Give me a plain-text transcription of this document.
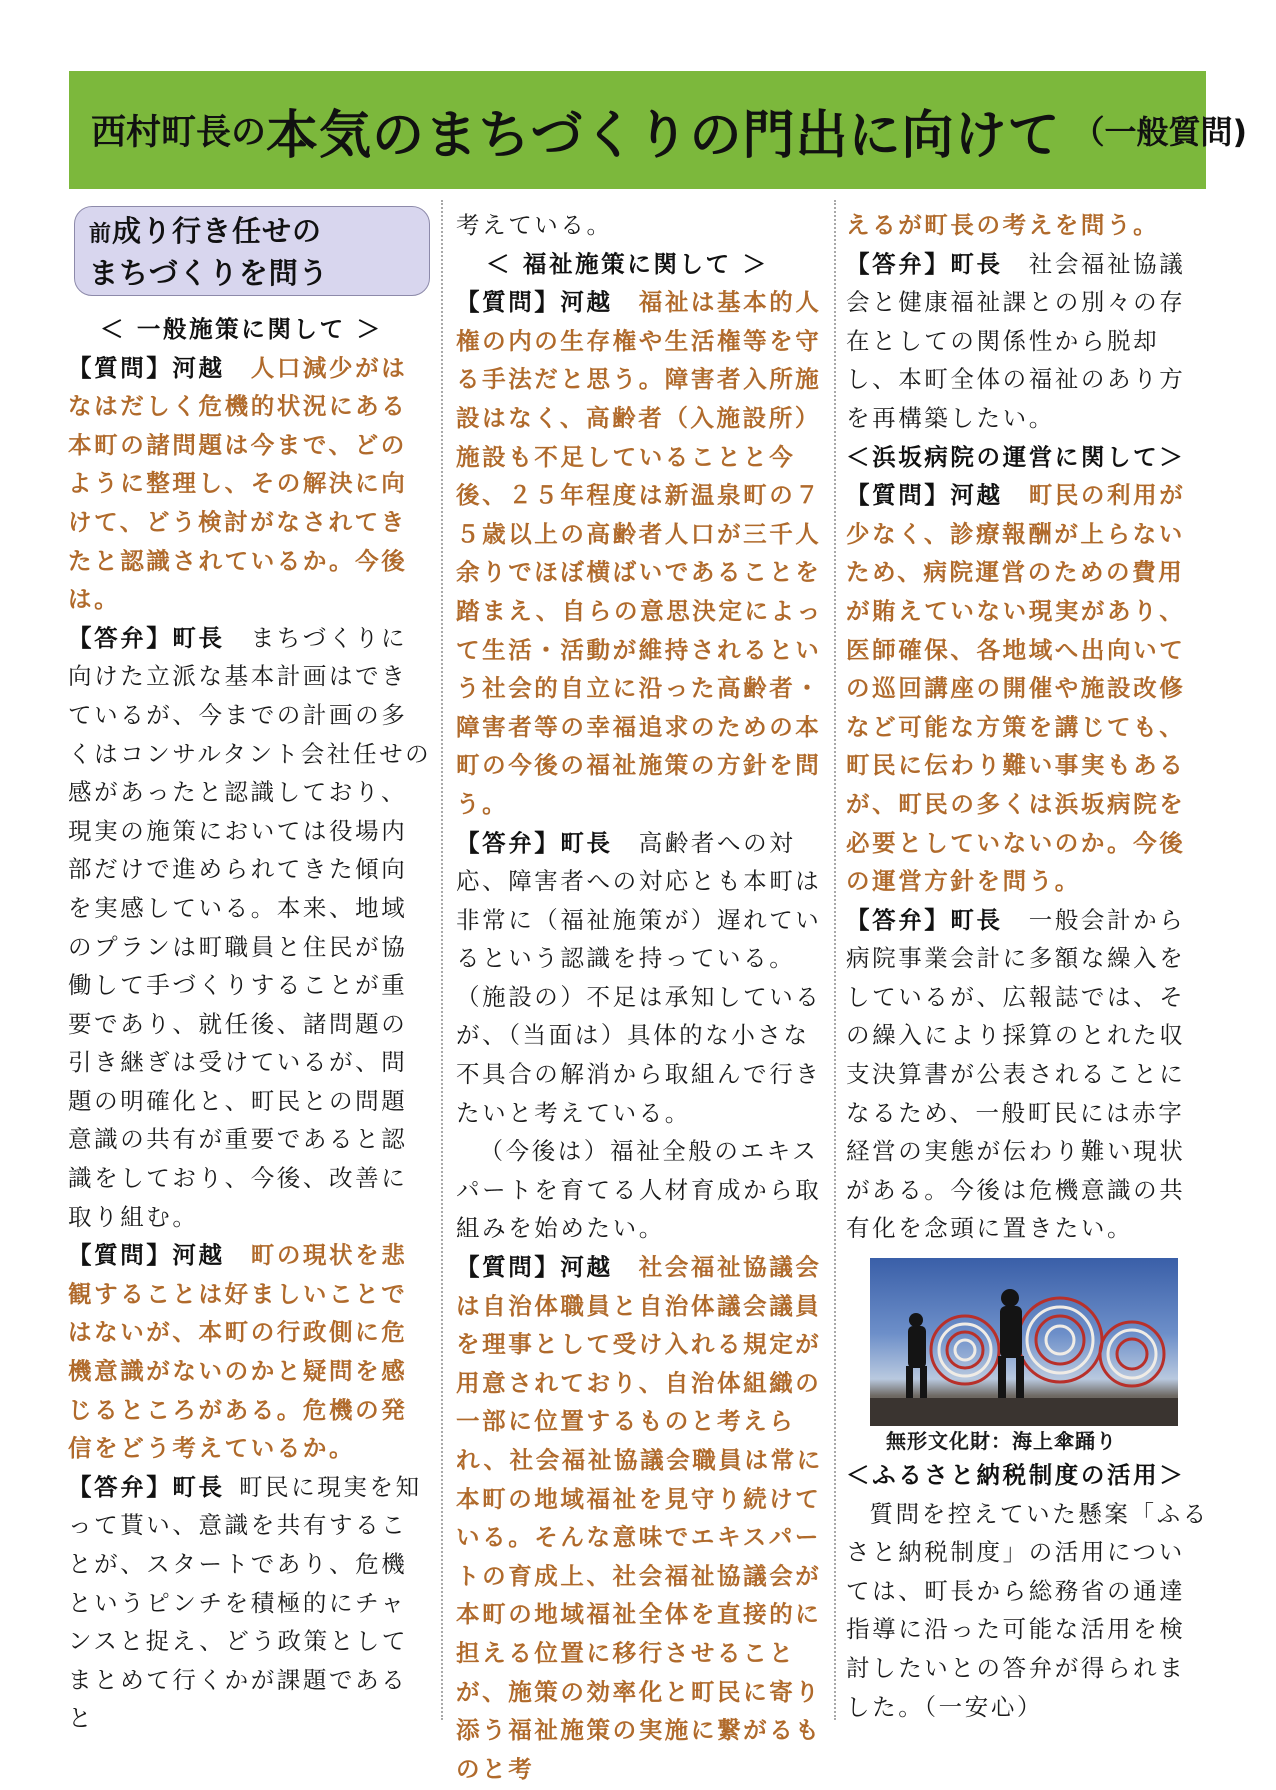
西村町長の 本気のまちづくりの門出に向けて （一般質問)
前成り行き任せの
まちづくりを問う

＜ 一般施策に関して ＞

【質問】河越  人口減少がはなはだしく危機的状況にある本町の諸問題は今まで、どのように整理し、その解決に向けて、どう検討がなされてきたと認識されているか。今後は。

【答弁】町長  まちづくりに向けた立派な基本計画はできているが、今までの計画の多くはコンサルタント会社任せの感があったと認識しており、現実の施策においては役場内部だけで進められてきた傾向を実感している。本来、地域のプランは町職員と住民が協働して手づくりすることが重要であり、就任後、諸問題の引き継ぎは受けているが、問題の明確化と、町民との問題意識の共有が重要であると認識をしており、今後、改善に取り組む。

【質問】河越  町の現状を悲観することは好ましいことではないが、本町の行政側に危機意識がないのかと疑問を感じるところがある。危機の発信をどう考えているか。

【答弁】町長  町民に現実を知って貰い、意識を共有することが、スタートであり、危機というピンチを積極的にチャンスと捉え、どう政策としてまとめて行くかが課題であると

考えている。

＜ 福祉施策に関して ＞

【質問】河越  福祉は基本的人権の内の生存権や生活権等を守る手法だと思う。障害者入所施設はなく、高齢者（入施設所）施設も不足していることと今後、２５年程度は新温泉町の７５歳以上の高齢者人口が三千人余りでほぼ横ばいであることを踏まえ、自らの意思決定によって生活・活動が維持されるという社会的自立に沿った高齢者・障害者等の幸福追求のための本町の今後の福祉施策の方針を問う。

【答弁】町長  高齢者への対応、障害者への対応とも本町は非常に（福祉施策が）遅れているという認識を持っている。（施設の）不足は承知しているが、（当面は）具体的な小さな不具合の解消から取組んで行きたいと考えている。

（今後は）福祉全般のエキスパートを育てる人材育成から取組みを始めたい。

【質問】河越  社会福祉協議会は自治体職員と自治体議会議員を理事として受け入れる規定が用意されており、自治体組織の一部に位置するものと考えられ、社会福祉協議会職員は常に本町の地域福祉を見守り続けている。そんな意味でエキスパートの育成上、社会福祉協議会が本町の地域福祉全体を直接的に担える位置に移行させることが、施策の効率化と町民に寄り添う福祉施策の実施に繋がるものと考

えるが町長の考えを問う。

【答弁】町長  社会福祉協議会と健康福祉課との別々の存在としての関係性から脱却し、本町全体の福祉のあり方を再構築したい。

＜浜坂病院の運営に関して＞

【質問】河越  町民の利用が少なく、診療報酬が上らないため、病院運営のための費用が賄えていない現実があり、医師確保、各地域へ出向いての巡回講座の開催や施設改修など可能な方策を講じても、町民に伝わり難い事実もあるが、町民の多くは浜坂病院を必要としていないのか。今後の運営方針を問う。

【答弁】町長  一般会計から病院事業会計に多額な繰入をしているが、広報誌では、その繰入により採算のとれた収支決算書が公表されることになるため、一般町民には赤字経営の実態が伝わり難い現状がある。今後は危機意識の共有化を念頭に置きたい。

無形文化財：海上傘踊り

＜ふるさと納税制度の活用＞

質問を控えていた懸案「ふるさと納税制度」の活用については、町長から総務省の通達指導に沿った可能な活用を検討したいとの答弁が得られました。（一安心）
